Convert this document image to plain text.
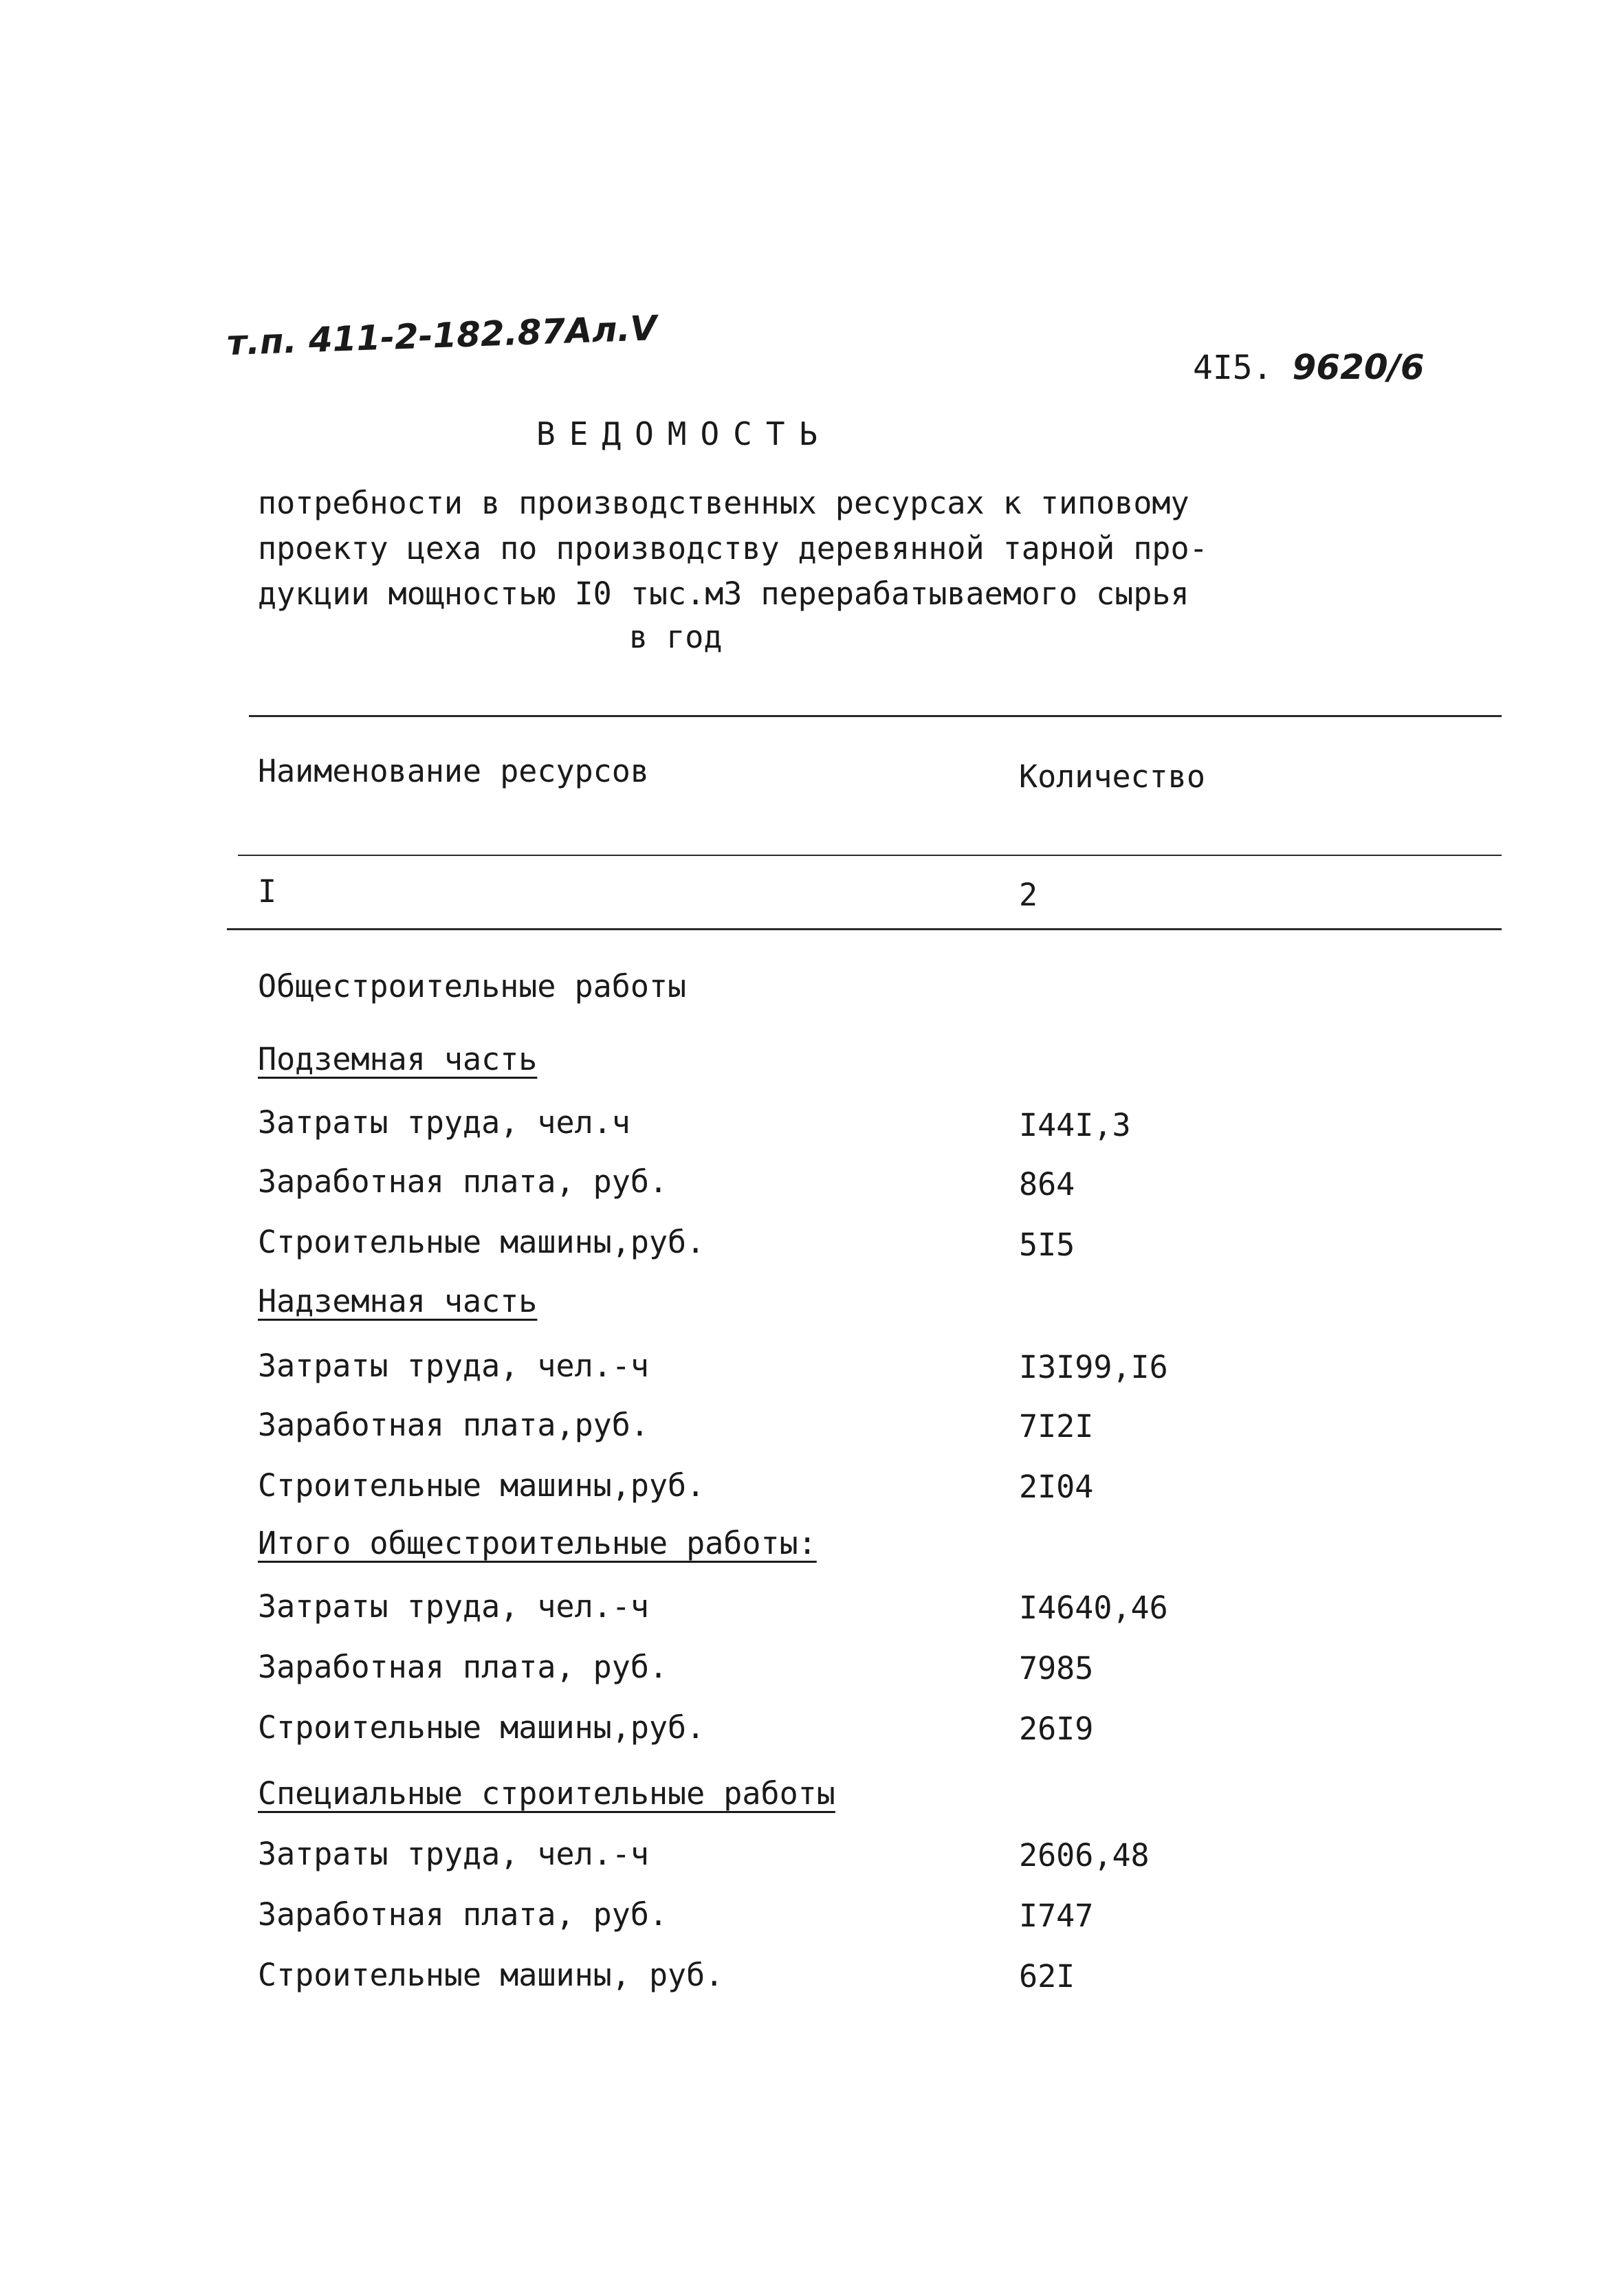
т.п. 411-2-182.87Ал.V
4I5. 9620/6
ВЕДОМОСТЬ
потребности в производственных ресурсах к типовому
проекту цеха по производству деревянной тарной про-
дукции мощностью I0 тыс.м3 перерабатываемого сырья
в год
Наименование ресурсов	Количество
I	2
Общестроительные работы
Подземная часть
Затраты труда, чел.ч	I44I,3
Заработная плата, руб.	864
Строительные машины,руб.	5I5
Надземная часть
Затраты труда, чел.-ч	I3I99,I6
Заработная плата,руб.	7I2I
Строительные машины,руб.	2I04
Итого общестроительные работы:
Затраты труда, чел.-ч	I4640,46
Заработная плата, руб.	7985
Строительные машины,руб.	26I9
Специальные строительные работы
Затраты труда, чел.-ч	2606,48
Заработная плата, руб.	I747
Строительные машины, руб.	62I
